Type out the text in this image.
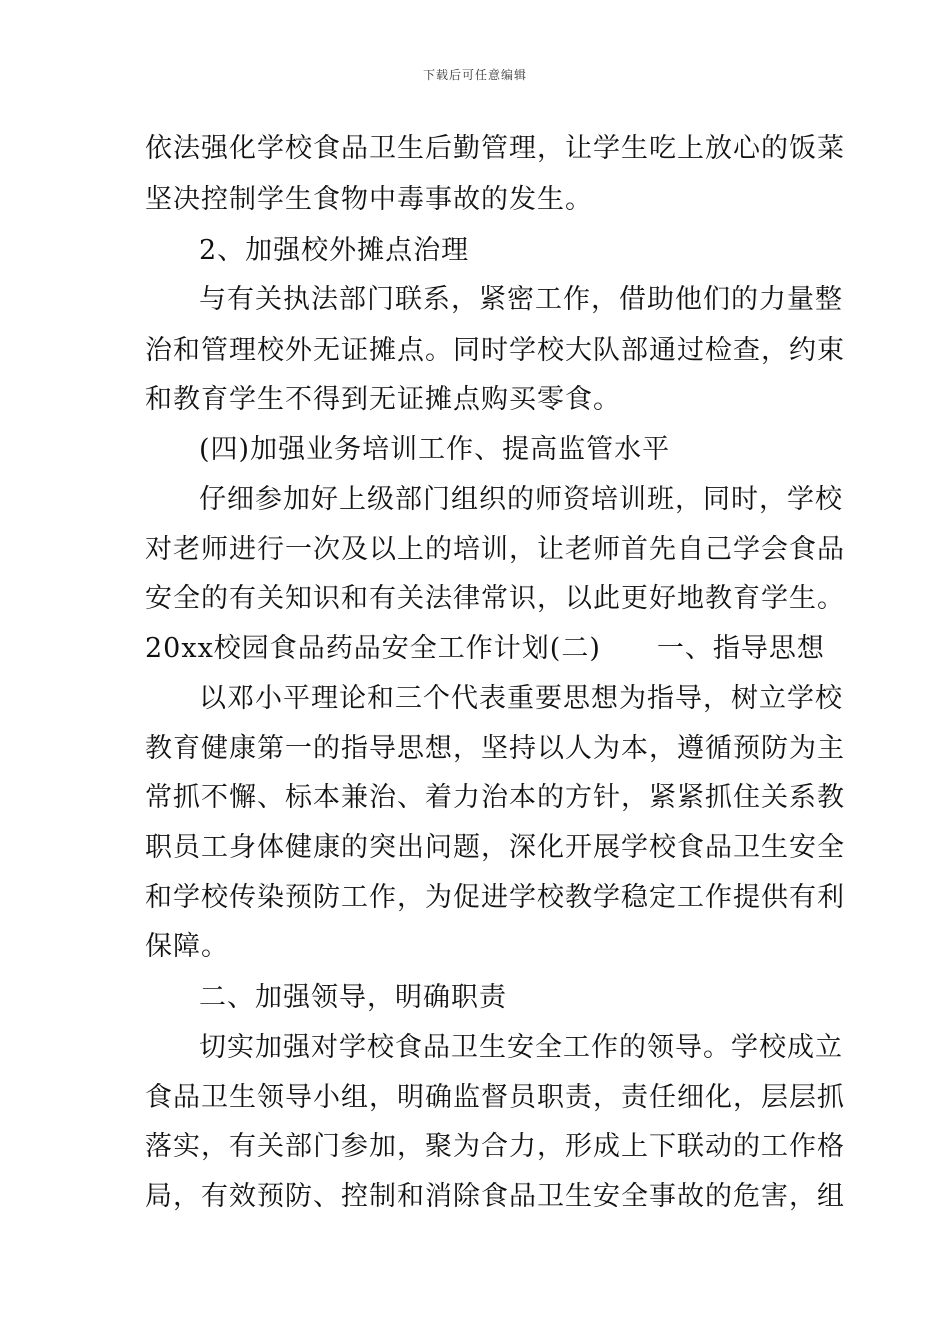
下载后可任意编辑
依法强化学校食品卫生后勤管理，让学生吃上放心的饭菜
坚决控制学生食物中毒事故的发生。
2、加强校外摊点治理
与有关执法部门联系，紧密工作，借助他们的力量整
治和管理校外无证摊点。同时学校大队部通过检查，约束
和教育学生不得到无证摊点购买零食。
(四)加强业务培训工作、提高监管水平
仔细参加好上级部门组织的师资培训班，同时，学校
对老师进行一次及以上的培训，让老师首先自己学会食品
安全的有关知识和有关法律常识，以此更好地教育学生。
20xx校园食品药品安全工作计划(二) 一、指导思想
以邓小平理论和三个代表重要思想为指导，树立学校
教育健康第一的指导思想，坚持以人为本，遵循预防为主
常抓不懈、标本兼治、着力治本的方针，紧紧抓住关系教
职员工身体健康的突出问题，深化开展学校食品卫生安全
和学校传染预防工作，为促进学校教学稳定工作提供有利
保障。
二、加强领导，明确职责
切实加强对学校食品卫生安全工作的领导。学校成立
食品卫生领导小组，明确监督员职责，责任细化，层层抓
落实，有关部门参加，聚为合力，形成上下联动的工作格
局，有效预防、控制和消除食品卫生安全事故的危害，组
